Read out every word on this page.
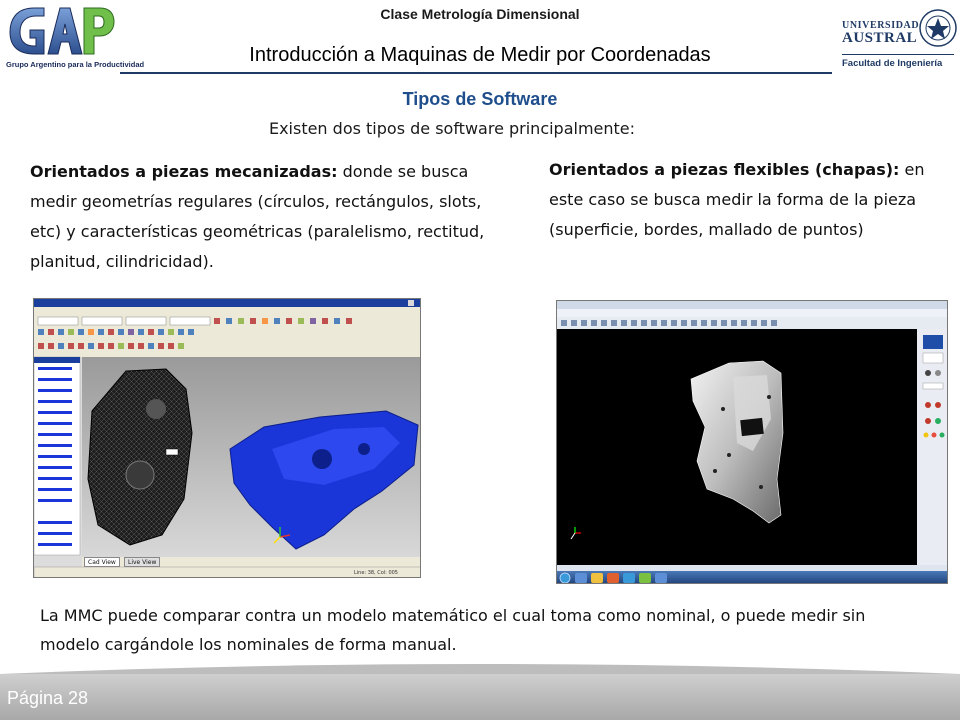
Grupo Argentino para la Productividad
Clase Metrología Dimensional
Introducción a Maquinas de Medir por Coordenadas
UNIVERSIDAD
AUSTRAL
Facultad de Ingeniería
Tipos de Software
Existen dos tipos de software principalmente:
Orientados a piezas mecanizadas: donde se busca medir geometrías regulares (círculos, rectángulos, slots, etc) y características geométricas (paralelismo, rectitud, planitud, cilindricidad).
Orientados a piezas flexibles (chapas): en este caso se busca medir la forma de la pieza (superficie, bordes, mallado de puntos)
Cad View	Live View
Line: 38, Col: 005
La MMC puede comparar contra un modelo matemático el cual toma como nominal, o puede medir sin modelo cargándole los nominales de forma manual.
Página 28
